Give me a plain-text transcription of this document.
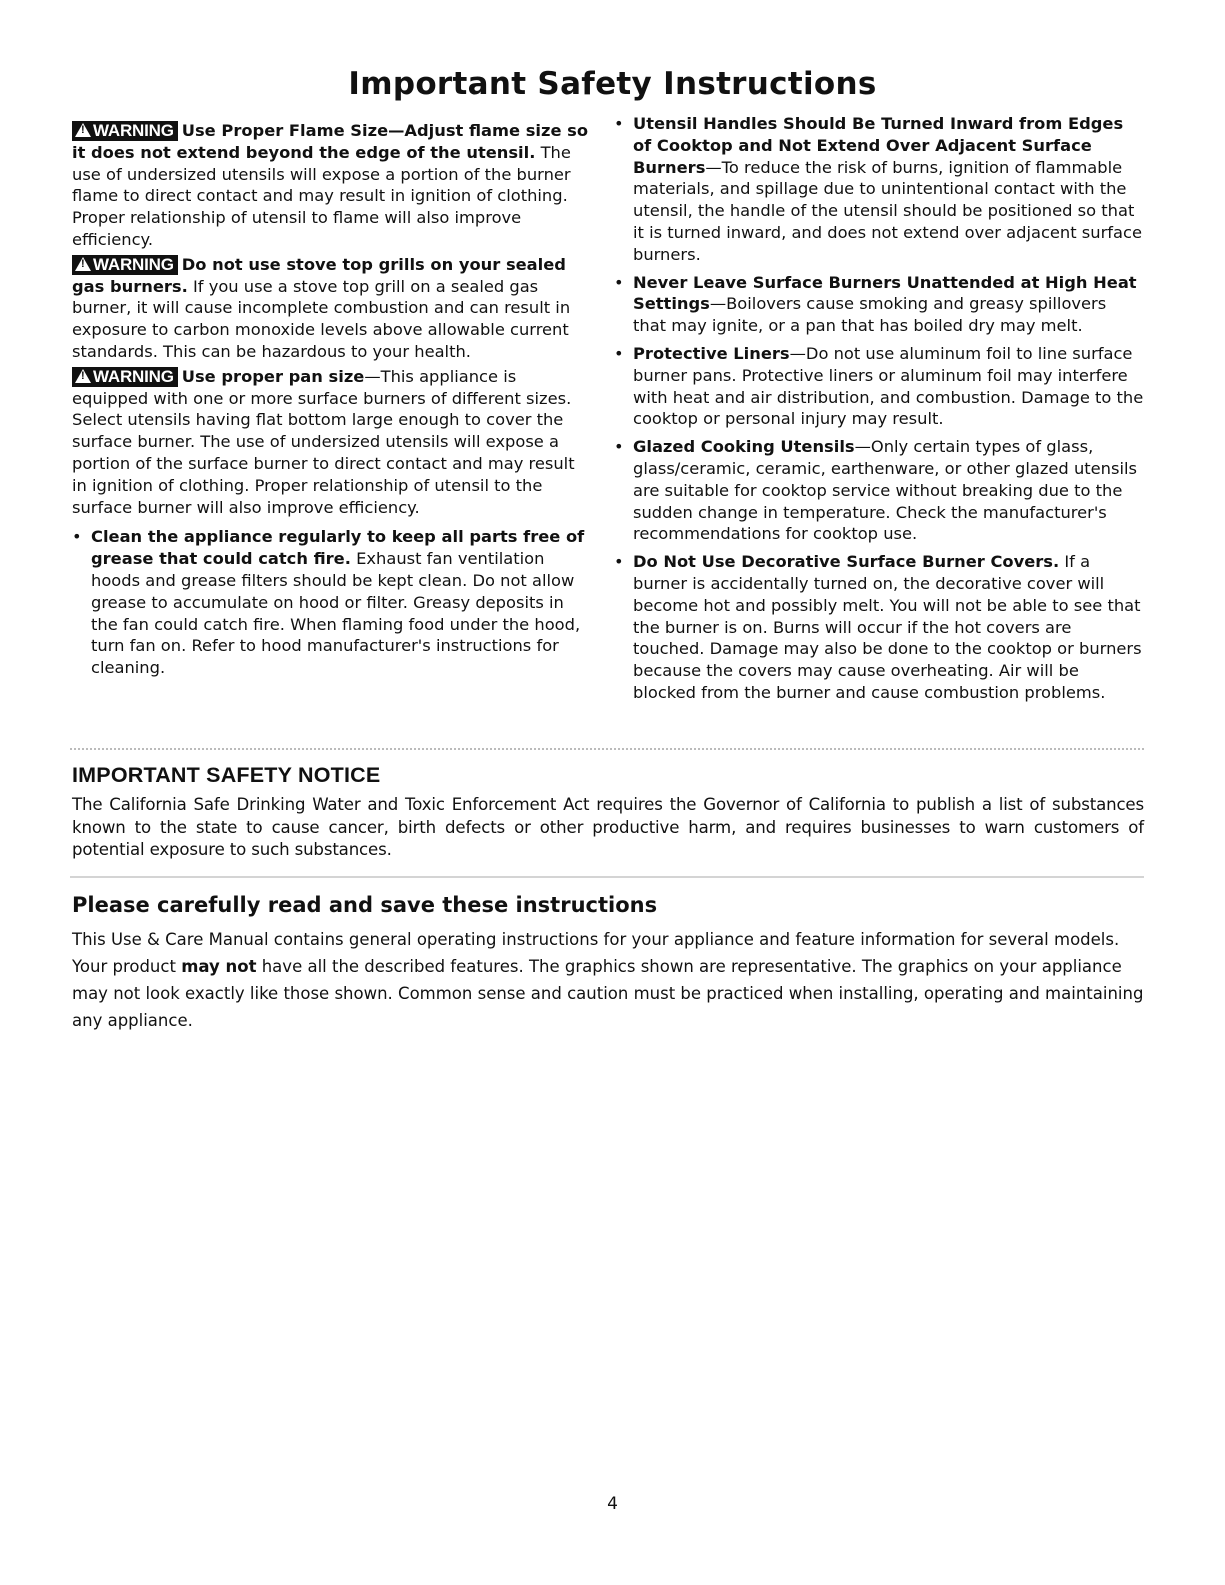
Important Safety Instructions

!WARNING Use Proper Flame Size—Adjust flame size so it does not extend beyond the edge of the utensil. The use of undersized utensils will expose a portion of the burner flame to direct contact and may result in ignition of clothing. Proper relationship of utensil to flame will also improve efficiency.

!WARNING Do not use stove top grills on your sealed gas burners. If you use a stove top grill on a sealed gas burner, it will cause incomplete combustion and can result in exposure to carbon monoxide levels above allowable current standards. This can be hazardous to your health.

!WARNING Use proper pan size—This appliance is equipped with one or more surface burners of different sizes. Select utensils having flat bottom large enough to cover the surface burner. The use of undersized utensils will expose a portion of the surface burner to direct contact and may result in ignition of clothing. Proper relationship of utensil to the surface burner will also improve efficiency.

• Clean the appliance regularly to keep all parts free of grease that could catch fire. Exhaust fan ventilation hoods and grease filters should be kept clean. Do not allow grease to accumulate on hood or filter. Greasy deposits in the fan could catch fire. When flaming food under the hood, turn fan on. Refer to hood manufacturer's instructions for cleaning.
• Utensil Handles Should Be Turned Inward from Edges of Cooktop and Not Extend Over Adjacent Surface Burners—To reduce the risk of burns, ignition of flammable materials, and spillage due to unintentional contact with the utensil, the handle of the utensil should be positioned so that it is turned inward, and does not extend over adjacent surface burners.
• Never Leave Surface Burners Unattended at High Heat Settings—Boilovers cause smoking and greasy spillovers that may ignite, or a pan that has boiled dry may melt.
• Protective Liners—Do not use aluminum foil to line surface burner pans. Protective liners or aluminum foil may interfere with heat and air distribution, and combustion. Damage to the cooktop or personal injury may result.
• Glazed Cooking Utensils—Only certain types of glass, glass/ceramic, ceramic, earthenware, or other glazed utensils are suitable for cooktop service without breaking due to the sudden change in temperature. Check the manufacturer's recommendations for cooktop use.
• Do Not Use Decorative Surface Burner Covers. If a burner is accidentally turned on, the decorative cover will become hot and possibly melt. You will not be able to see that the burner is on. Burns will occur if the hot covers are touched. Damage may also be done to the cooktop or burners because the covers may cause overheating. Air will be blocked from the burner and cause combustion problems.
IMPORTANT SAFETY NOTICE

The California Safe Drinking Water and Toxic Enforcement Act requires the Governor of California to publish a list of substances known to the state to cause cancer, birth defects or other productive harm, and requires businesses to warn customers of potential exposure to such substances.

Please carefully read and save these instructions

This Use & Care Manual contains general operating instructions for your appliance and feature information for several models. Your product may not have all the described features. The graphics shown are representative. The graphics on your appliance may not look exactly like those shown. Common sense and caution must be practiced when installing, operating and maintaining any appliance.

4
